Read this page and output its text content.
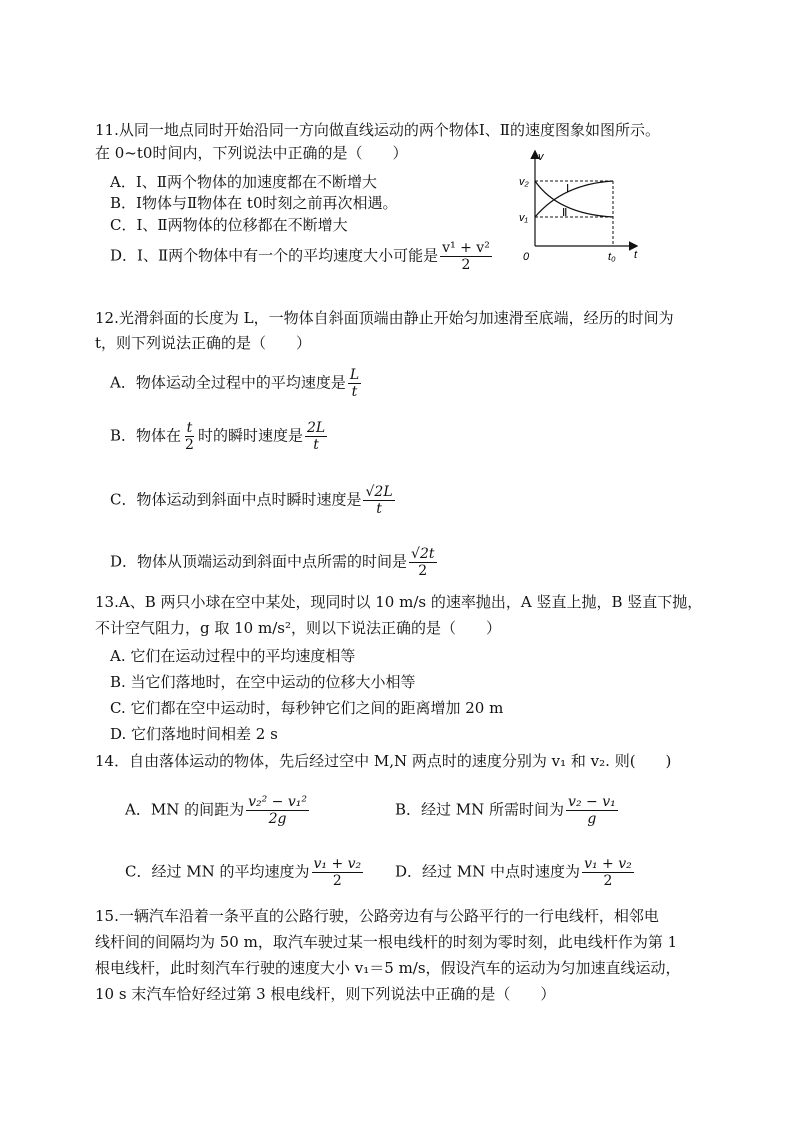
11.从同一地点同时开始沿同一方向做直线运动的两个物体Ⅰ、Ⅱ的速度图象如图所示。
在 0~t0时间内，下列说法中正确的是（　　）
A．Ⅰ、Ⅱ两个物体的加速度都在不断增大
B．Ⅰ物体与Ⅱ物体在 t0时刻之前再次相遇。
C．Ⅰ、Ⅱ两物体的位移都在不断增大
D．Ⅰ、Ⅱ两个物体中有一个的平均速度大小可能是 $\frac{\text{v¹ + v²}}{2}$
v
t
0
v₂
v₁
t₀
Ⅰ
Ⅱ
12.光滑斜面的长度为 L，一物体自斜面顶端由静止开始匀加速滑至底端，经历的时间为
t，则下列说法正确的是（　　）
A．物体运动全过程中的平均速度是 $\frac{L}{t}$
B．物体在 $\frac{t}{2}$ 时的瞬时速度是 $\frac{2L}{t}$
C．物体运动到斜面中点时瞬时速度是 $\frac{√2L}{t}$
D．物体从顶端运动到斜面中点所需的时间是 $\frac{√2t}{2}$
13.A、B 两只小球在空中某处，现同时以 10 m/s 的速率抛出，A 竖直上抛，B 竖直下抛，
不计空气阻力，g 取 10 m/s²，则以下说法正确的是（　　）
A. 它们在运动过程中的平均速度相等
B. 当它们落地时，在空中运动的位移大小相等
C. 它们都在空中运动时，每秒钟它们之间的距离增加 20 m
D. 它们落地时间相差 2 s
14．自由落体运动的物体，先后经过空中 M,N 两点时的速度分别为 v₁ 和 v₂. 则(　　)
A．MN 的间距为 $\frac{\text{v₂² − v₁²}}{2g}$	B．经过 MN 所需时间为 $\frac{\text{v₂ − v₁}}{g}$
C．经过 MN 的平均速度为 $\frac{\text{v₁ + v₂}}{2}$ D．经过 MN 中点时速度为 $\frac{\text{v₁ + v₂}}{2}$
15.一辆汽车沿着一条平直的公路行驶，公路旁边有与公路平行的一行电线杆，相邻电
线杆间的间隔均为 50 m，取汽车驶过某一根电线杆的时刻为零时刻，此电线杆作为第 1
根电线杆，此时刻汽车行驶的速度大小 v₁＝5 m/s，假设汽车的运动为匀加速直线运动，
10 s 末汽车恰好经过第 3 根电线杆，则下列说法中正确的是（　　）
